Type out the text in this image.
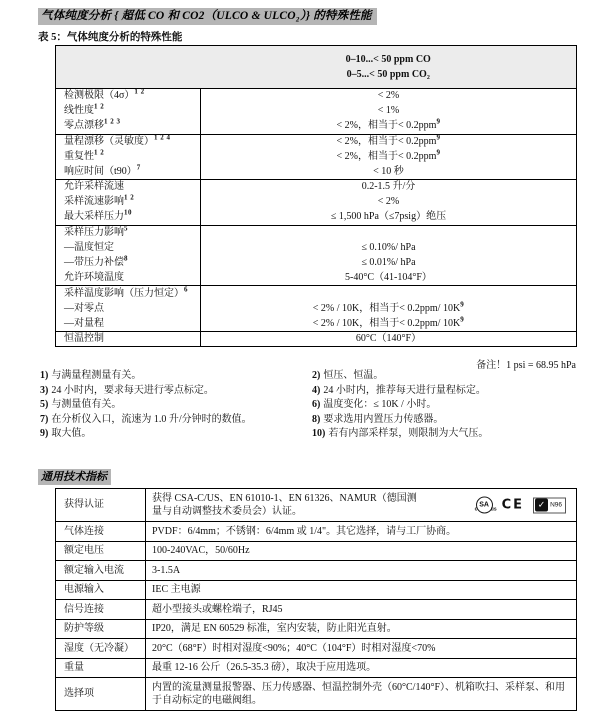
气体纯度分析 { 超低 CO 和 CO2（ULCO & ULCO₂）} 的特殊性能
表 5：气体纯度分析的特殊性能

	0–10...< 50 ppm CO
0–5...< 50 ppm CO₂

检测极限$(4\sigma)^{1 2}$	< 2%
线性度$^{1 2}$	< 1%
零点漂移$^{1 2 3}$	< 2%，相当于< 0.2ppm$^9$
量程漂移（灵敏度）$^{1 2 4}$	< 2%，相当于< 0.2ppm$^9$
重复性$^{1 2}$	< 2%，相当于< 0.2ppm$^9$
响应时间$(t90)^7$	< 10 秒
允许采样流速	0.2-1.5 升/分
采样流速影响$^{1 2}$	< 2%
最大采样压力$^{10}$	≤ 1,500 hPa（≤7psig）绝压
采样压力影响$^5$	
—温度恒定	≤ 0.10%/ hPa
—带压力补偿$^8$	≤ 0.01%/ hPa
允许环境温度	5-40°C（41-104°F）
采样温度影响（压力恒定）$^6$	
—对零点	< 2% / 10K，相当于< 0.2ppm/ $10K^9$
—对量程	< 2% / 10K，相当于< 0.2ppm/ $10K^9$
恒温控制	60°C（140°F）
备注！1 psi = 68.95 hPa
1) 与满量程测量有关。	2) 恒压、恒温。
3) 24 小时内，要求每天进行零点标定。	4) 24 小时内，推荐每天进行量程标定。
5) 与测量值有关。	6) 温度变化：≤ 10K / 小时。
7) 在分析仪入口，流速为 1.0 升/分钟时的数值。	8) 要求选用内置压力传感器。
9) 取大值。	10) 若有内部采样泵，则限制为大气压。
通用技术指标
获得认证	获得 CSA-C/US、EN 61010-1、EN 61326、NAMUR（德国测量与自动调整技术委员会）认证。
SA
c	us CE	✓ N96

气体连接	PVDF：6/4mm；不锈钢：6/4mm 或 1/4"。其它选择，请与工厂协商。
额定电压	100-240VAC，50/60Hz
额定输入电流	3-1.5A
电源输入	IEC 主电源
信号连接	超小型接头或螺栓端子，RJ45
防护等级	IP20，满足 EN 60529 标准，室内安装，防止阳光直射。
湿度（无冷凝）	20°C（68°F）时相对湿度<90%；40°C（104°F）时相对湿度<70%
重量	最重 12-16 公斤（26.5-35.3 磅），取决于应用选项。
选择项	内置的流量测量报警器、压力传感器、恒温控制外壳（60°C/140°F）、机箱吹扫、采样泵、和用于自动标定的电磁阀组。
